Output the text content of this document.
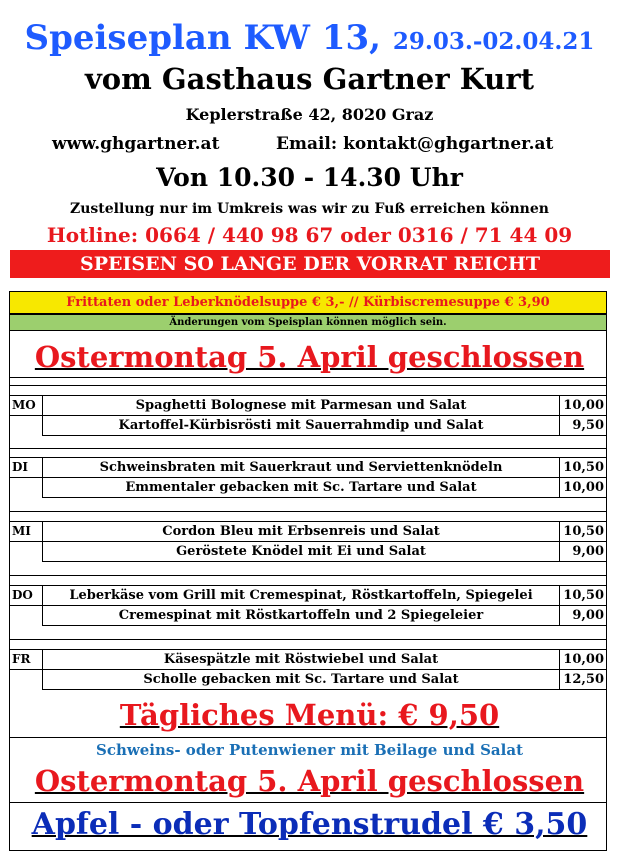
Speiseplan KW 13, 29.03.-02.04.21
vom Gasthaus Gartner Kurt
Keplerstraße 42, 8020 Graz
www.ghgartner.at	Email: kontakt@ghgartner.at
Von 10.30 - 14.30 Uhr
Zustellung nur im Umkreis was wir zu Fuß erreichen können
Hotline: 0664 / 440 98 67 oder 0316 / 71 44 09
SPEISEN SO LANGE DER VORRAT REICHT
Frittaten oder Leberknödelsuppe € 3,- // Kürbiscremesuppe € 3,90
Änderungen vom Speisplan können möglich sein.
Ostermontag 5. April geschlossen
MO	Spaghetti Bolognese mit Parmesan und Salat	10,00
Kartoffel-Kürbisrösti mit Sauerrahmdip und Salat	9,50
DI	Schweinsbraten mit Sauerkraut und Serviettenknödeln	10,50
Emmentaler gebacken mit Sc. Tartare und Salat	10,00
MI	Cordon Bleu mit Erbsenreis und Salat	10,50
Geröstete Knödel mit Ei und Salat	9,00
DO	Leberkäse vom Grill mit Cremespinat, Röstkartoffeln, Spiegelei	10,50
Cremespinat mit Röstkartoffeln und 2 Spiegeleier	9,00
FR	Käsespätzle mit Röstwiebel und Salat	10,00
Scholle gebacken mit Sc. Tartare und Salat	12,50
Tägliches Menü: € 9,50
Schweins- oder Putenwiener mit Beilage und Salat
Ostermontag 5. April geschlossen
Apfel - oder Topfenstrudel € 3,50
